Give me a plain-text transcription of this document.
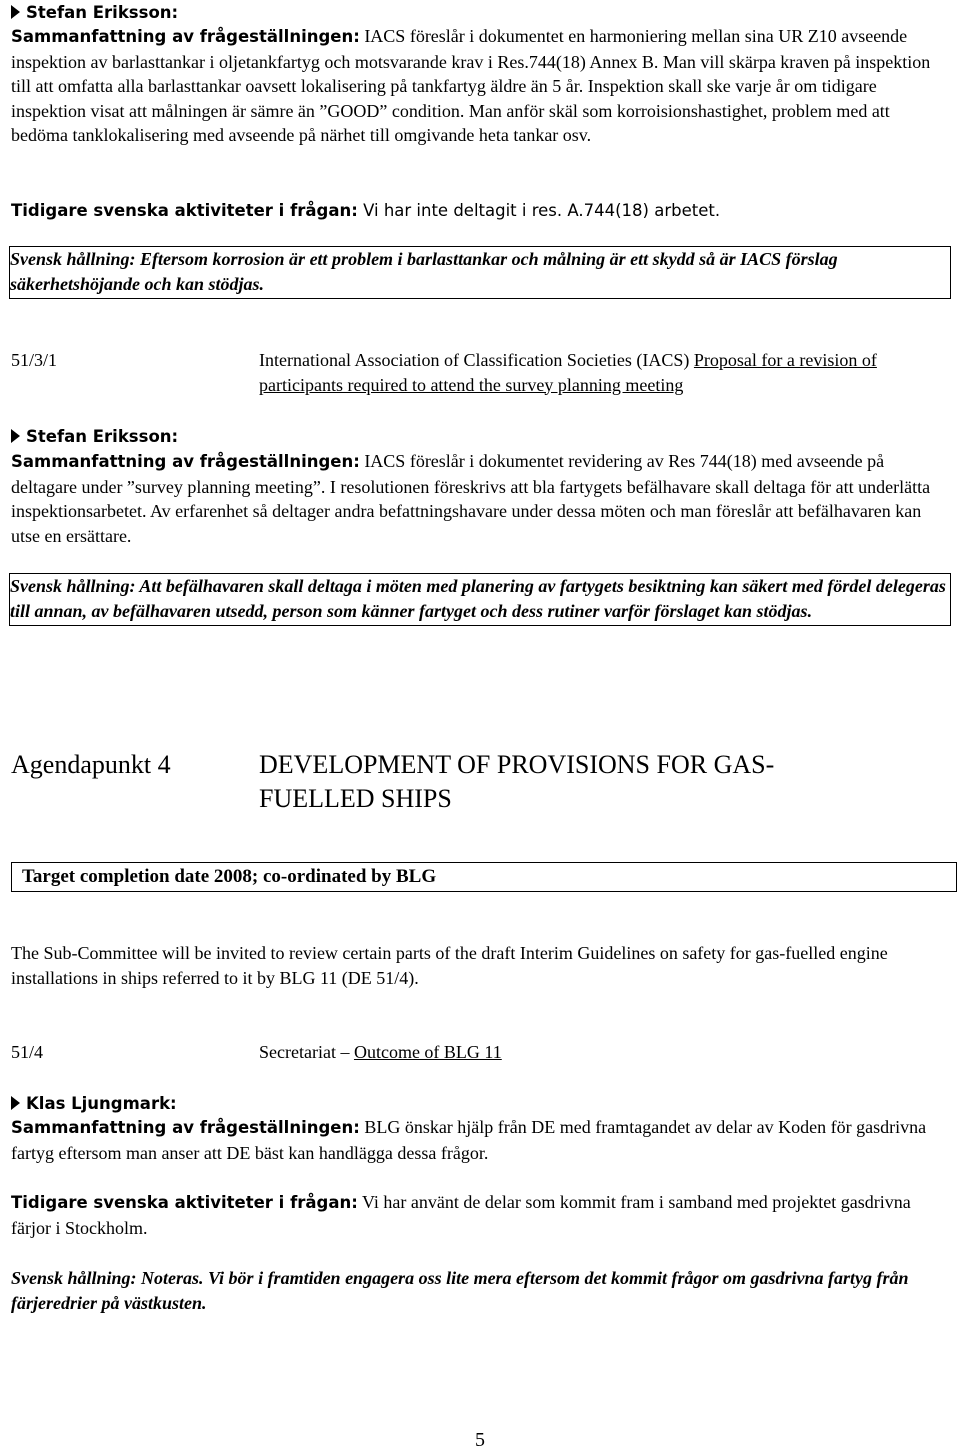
Stefan Eriksson:
Sammanfattning av frågeställningen: IACS föreslår i dokumentet en harmoniering mellan sina UR Z10 avseende inspektion av barlasttankar i oljetankfartyg och motsvarande krav i Res.744(18) Annex B. Man vill skärpa kraven på inspektion till att omfatta alla barlasttankar oavsett lokalisering på tankfartyg äldre än 5 år. Inspektion skall ske varje år om tidigare inspektion visat att målningen är sämre än ”GOOD” condition. Man anför skäl som korroisionshastighet, problem med att bedöma tanklokalisering med avseende på närhet till omgivande heta tankar osv.
Tidigare svenska aktiviteter i frågan: Vi har inte deltagit i res. A.744(18) arbetet.
Svensk hållning: Eftersom korrosion är ett problem i barlasttankar och målning är ett skydd så är IACS förslag säkerhetshöjande och kan stödjas.
51/3/1	International Association of Classification Societies (IACS) Proposal for a revision of participants required to attend the survey planning meeting
Stefan Eriksson:
Sammanfattning av frågeställningen: IACS föreslår i dokumentet revidering av Res 744(18) med avseende på deltagare under ”survey planning meeting”. I resolutionen föreskrivs att bla fartygets befälhavare skall deltaga för att underlätta inspektionsarbetet. Av erfarenhet så deltager andra befattningshavare under dessa möten och man föreslår att befälhavaren kan utse en ersättare.
Svensk hållning: Att befälhavaren skall deltaga i möten med planering av fartygets besiktning kan säkert med fördel delegeras till annan, av befälhavaren utsedd, person som känner fartyget och dess rutiner varför förslaget kan stödjas.
Agendapunkt 4	DEVELOPMENT OF PROVISIONS FOR GAS-FUELLED SHIPS
Target completion date 2008; co-ordinated by BLG
The Sub-Committee will be invited to review certain parts of the draft Interim Guidelines on safety for gas-fuelled engine installations in ships referred to it by BLG 11 (DE 51/4).
51/4	Secretariat – Outcome of BLG 11
Klas Ljungmark:
Sammanfattning av frågeställningen: BLG önskar hjälp från DE med framtagandet av delar av Koden för gasdrivna fartyg eftersom man anser att DE bäst kan handlägga dessa frågor.
Tidigare svenska aktiviteter i frågan: Vi har använt de delar som kommit fram i samband med projektet gasdrivna färjor i Stockholm.
Svensk hållning: Noteras. Vi bör i framtiden engagera oss lite mera eftersom det kommit frågor om gasdrivna fartyg från färjeredrier på västkusten.
5
